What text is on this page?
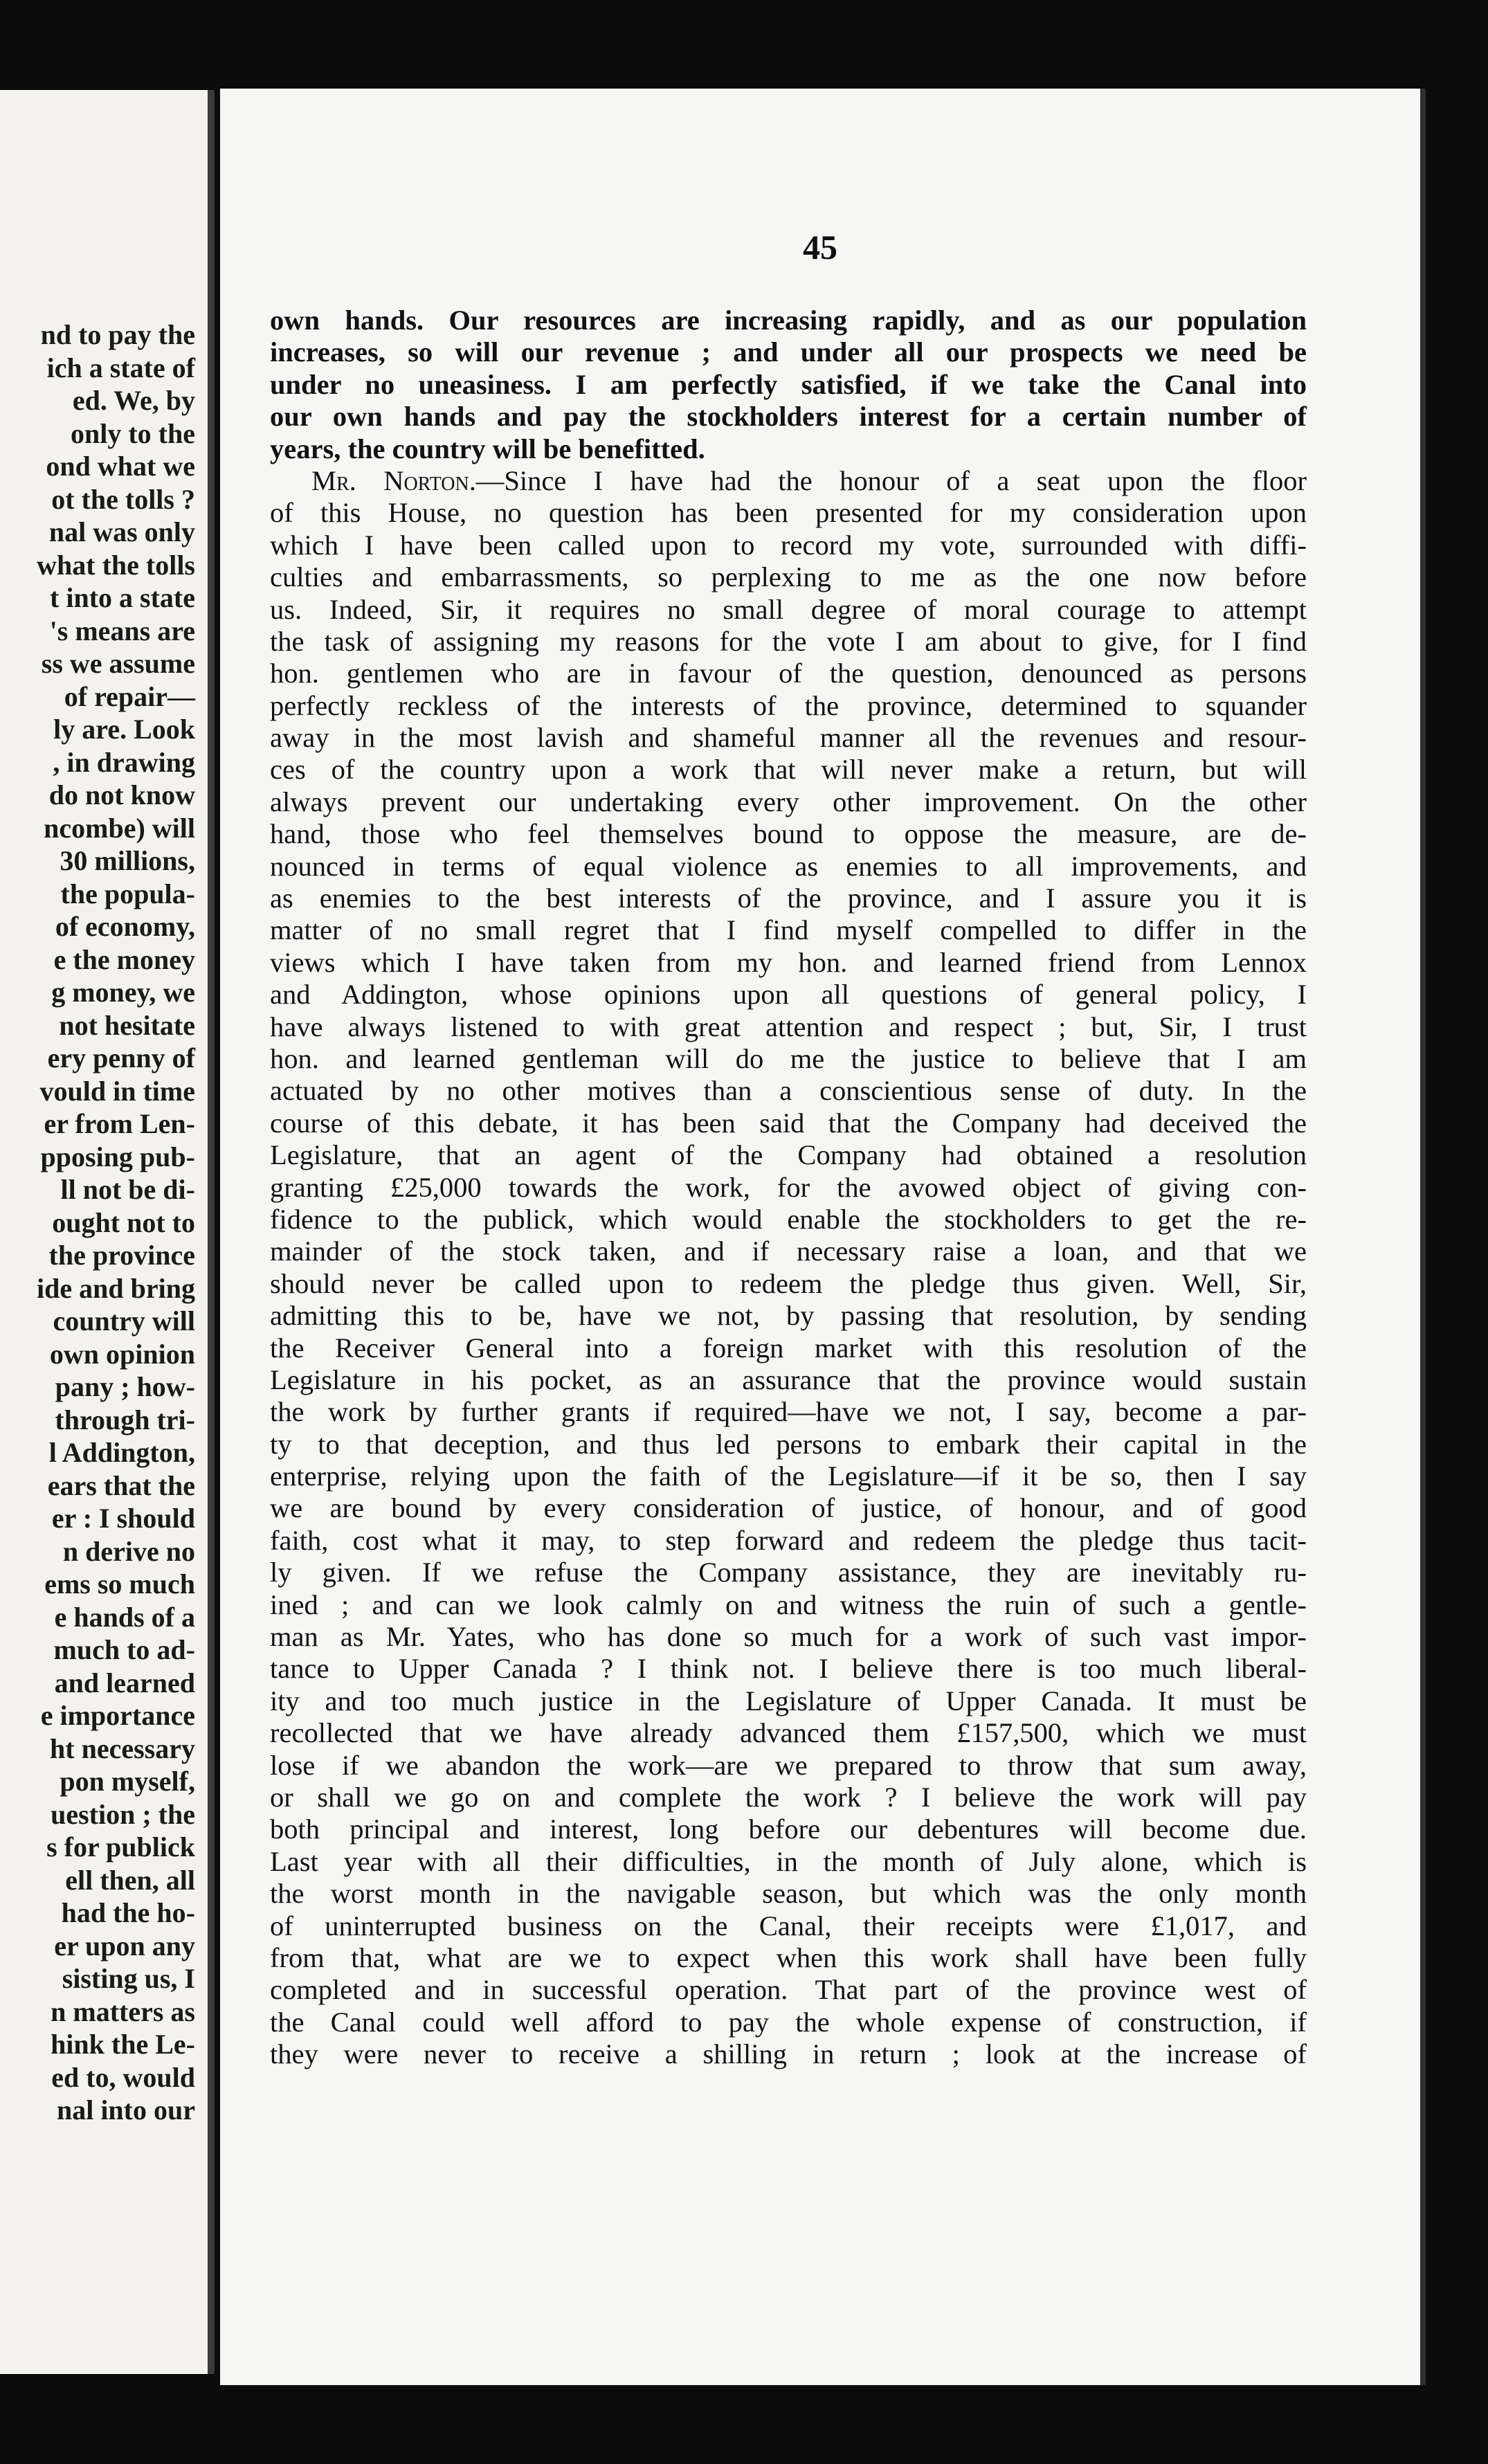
nd to pay the
ich a state of
ed. We, by
only to the
ond what we
ot the tolls ?
nal was only
what the tolls
t into a state
's means are
ss we assume
of repair—
ly are. Look
, in drawing
do not know
ncombe) will
30 millions,
the popula-
of economy,
e the money
g money, we
not hesitate
ery penny of
vould in time
er from Len-
pposing pub-
ll not be di-
ought not to
the province
ide and bring
country will
own opinion
pany ; how-
through tri-
l Addington,
ears that the
er : I should
n derive no
ems so much
e hands of a
much to ad-
and learned
e importance
ht necessary
pon myself,
uestion ; the
s for publick
ell then, all
had the ho-
er upon any
sisting us, I
n matters as
hink the Le-
ed to, would
nal into our
45
own hands. Our resources are increasing rapidly, and as our population
increases, so will our revenue ; and under all our prospects we need be
under no uneasiness. I am perfectly satisfied, if we take the Canal into
our own hands and pay the stockholders interest for a certain number of
years, the country will be benefitted.
Mr. Norton.—Since I have had the honour of a seat upon the floor
of this House, no question has been presented for my consideration upon
which I have been called upon to record my vote, surrounded with diffi-
culties and embarrassments, so perplexing to me as the one now before
us. Indeed, Sir, it requires no small degree of moral courage to attempt
the task of assigning my reasons for the vote I am about to give, for I find
hon. gentlemen who are in favour of the question, denounced as persons
perfectly reckless of the interests of the province, determined to squander
away in the most lavish and shameful manner all the revenues and resour-
ces of the country upon a work that will never make a return, but will
always prevent our undertaking every other improvement. On the other
hand, those who feel themselves bound to oppose the measure, are de-
nounced in terms of equal violence as enemies to all improvements, and
as enemies to the best interests of the province, and I assure you it is
matter of no small regret that I find myself compelled to differ in the
views which I have taken from my hon. and learned friend from Lennox
and Addington, whose opinions upon all questions of general policy, I
have always listened to with great attention and respect ; but, Sir, I trust
hon. and learned gentleman will do me the justice to believe that I am
actuated by no other motives than a conscientious sense of duty. In the
course of this debate, it has been said that the Company had deceived the
Legislature, that an agent of the Company had obtained a resolution
granting £25,000 towards the work, for the avowed object of giving con-
fidence to the publick, which would enable the stockholders to get the re-
mainder of the stock taken, and if necessary raise a loan, and that we
should never be called upon to redeem the pledge thus given. Well, Sir,
admitting this to be, have we not, by passing that resolution, by sending
the Receiver General into a foreign market with this resolution of the
Legislature in his pocket, as an assurance that the province would sustain
the work by further grants if required—have we not, I say, become a par-
ty to that deception, and thus led persons to embark their capital in the
enterprise, relying upon the faith of the Legislature—if it be so, then I say
we are bound by every consideration of justice, of honour, and of good
faith, cost what it may, to step forward and redeem the pledge thus tacit-
ly given. If we refuse the Company assistance, they are inevitably ru-
ined ; and can we look calmly on and witness the ruin of such a gentle-
man as Mr. Yates, who has done so much for a work of such vast impor-
tance to Upper Canada ? I think not. I believe there is too much liberal-
ity and too much justice in the Legislature of Upper Canada. It must be
recollected that we have already advanced them £157,500, which we must
lose if we abandon the work—are we prepared to throw that sum away,
or shall we go on and complete the work ? I believe the work will pay
both principal and interest, long before our debentures will become due.
Last year with all their difficulties, in the month of July alone, which is
the worst month in the navigable season, but which was the only month
of uninterrupted business on the Canal, their receipts were £1,017, and
from that, what are we to expect when this work shall have been fully
completed and in successful operation. That part of the province west of
the Canal could well afford to pay the whole expense of construction, if
they were never to receive a shilling in return ; look at the increase of
